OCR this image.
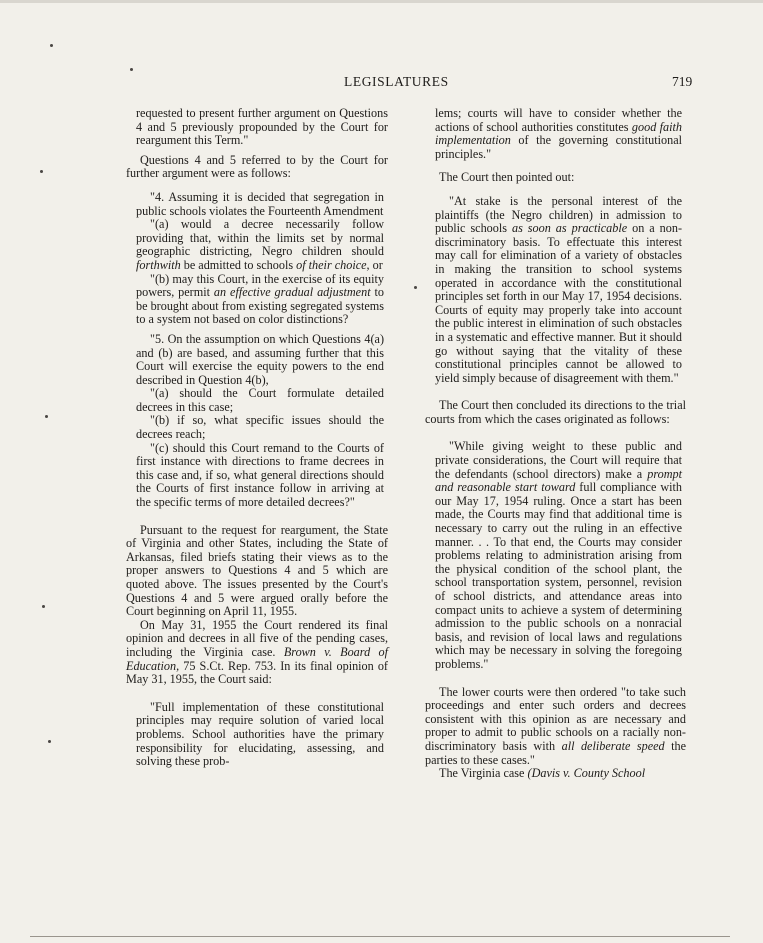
LEGISLATURES	719

requested to present further argument on Questions 4 and 5 previously propounded by the Court for reargument this Term."

Questions 4 and 5 referred to by the Court for further argument were as follows:

"4. Assuming it is decided that segregation in public schools violates the Fourteenth Amendment

"(a) would a decree necessarily follow providing that, within the limits set by normal geographic districting, Negro children should forthwith be admitted to schools of their choice, or

"(b) may this Court, in the exercise of its equity powers, permit an effective gradual adjustment to be brought about from existing segregated systems to a system not based on color distinctions?

"5. On the assumption on which Questions 4(a) and (b) are based, and assuming further that this Court will exercise the equity powers to the end described in Question 4(b),

"(a) should the Court formulate detailed decrees in this case;

"(b) if so, what specific issues should the decrees reach;

"(c) should this Court remand to the Courts of first instance with directions to frame decrees in this case and, if so, what general directions should the Courts of first instance follow in arriving at the specific terms of more detailed decrees?"

Pursuant to the request for reargument, the State of Virginia and other States, including the State of Arkansas, filed briefs stating their views as to the proper answers to Questions 4 and 5 which are quoted above. The issues presented by the Court's Questions 4 and 5 were argued orally before the Court beginning on April 11, 1955.

On May 31, 1955 the Court rendered its final opinion and decrees in all five of the pending cases, including the Virginia case. Brown v. Board of Education, 75 S.Ct. Rep. 753. In its final opinion of May 31, 1955, the Court said:

"Full implementation of these constitutional principles may require solution of varied local problems. School authorities have the primary responsibility for elucidating, assessing, and solving these prob-

lems; courts will have to consider whether the actions of school authorities constitutes good faith implementation of the governing constitutional principles."

The Court then pointed out:

"At stake is the personal interest of the plaintiffs (the Negro children) in admission to public schools as soon as practicable on a non-discriminatory basis. To effectuate this interest may call for elimination of a variety of obstacles in making the transition to school systems operated in accordance with the constitutional principles set forth in our May 17, 1954 decisions. Courts of equity may properly take into account the public interest in elimination of such obstacles in a systematic and effective manner. But it should go without saying that the vitality of these constitutional principles cannot be allowed to yield simply because of disagreement with them."

The Court then concluded its directions to the trial courts from which the cases originated as follows:

"While giving weight to these public and private considerations, the Court will require that the defendants (school directors) make a prompt and reasonable start toward full compliance with our May 17, 1954 ruling. Once a start has been made, the Courts may find that additional time is necessary to carry out the ruling in an effective manner. . . To that end, the Courts may consider problems relating to administration arising from the physical condition of the school plant, the school transportation system, personnel, revision of school districts, and attendance areas into compact units to achieve a system of determining admission to the public schools on a nonracial basis, and revision of local laws and regulations which may be necessary in solving the foregoing problems."

The lower courts were then ordered "to take such proceedings and enter such orders and decrees consistent with this opinion as are necessary and proper to admit to public schools on a racially non-discriminatory basis with all deliberate speed the parties to these cases."

The Virginia case (Davis v. County School
